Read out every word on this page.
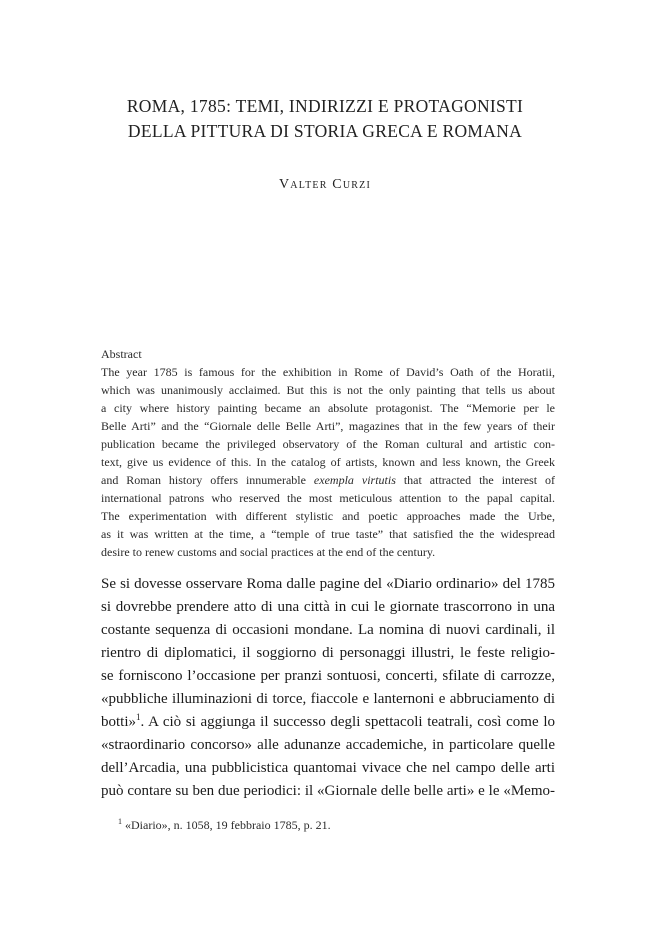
ROMA, 1785: TEMI, INDIRIZZI E PROTAGONISTI
DELLA PITTURA DI STORIA GRECA E ROMANA
Valter Curzi
Abstract
The year 1785 is famous for the exhibition in Rome of David’s Oath of the Horatii,
which was unanimously acclaimed. But this is not the only painting that tells us about
a city where history painting became an absolute protagonist. The “Memorie per le
Belle Arti” and the “Giornale delle Belle Arti”, magazines that in the few years of their
publication became the privileged observatory of the Roman cultural and artistic con-
text, give us evidence of this. In the catalog of artists, known and less known, the Greek
and Roman history offers innumerable exempla virtutis that attracted the interest of
international patrons who reserved the most meticulous attention to the papal capital.
The experimentation with different stylistic and poetic approaches made the Urbe,
as it was written at the time, a “temple of true taste” that satisfied the the widespread
desire to renew customs and social practices at the end of the century.
Se si dovesse osservare Roma dalle pagine del «Diario ordinario» del 1785
si dovrebbe prendere atto di una città in cui le giornate trascorrono in una
costante sequenza di occasioni mondane. La nomina di nuovi cardinali, il
rientro di diplomatici, il soggiorno di personaggi illustri, le feste religio-
se forniscono l’occasione per pranzi sontuosi, concerti, sfilate di carrozze,
«pubbliche illuminazioni di torce, fiaccole e lanternoni e abbruciamento di
botti»$^1$. A ciò si aggiunga il successo degli spettacoli teatrali, così come lo
«straordinario concorso» alle adunanze accademiche, in particolare quelle
dell’Arcadia, una pubblicistica quantomai vivace che nel campo delle arti
può contare su ben due periodici: il «Giornale delle belle arti» e le «Memo-
$^1$ «Diario», n. 1058, 19 febbraio 1785, p. 21.
